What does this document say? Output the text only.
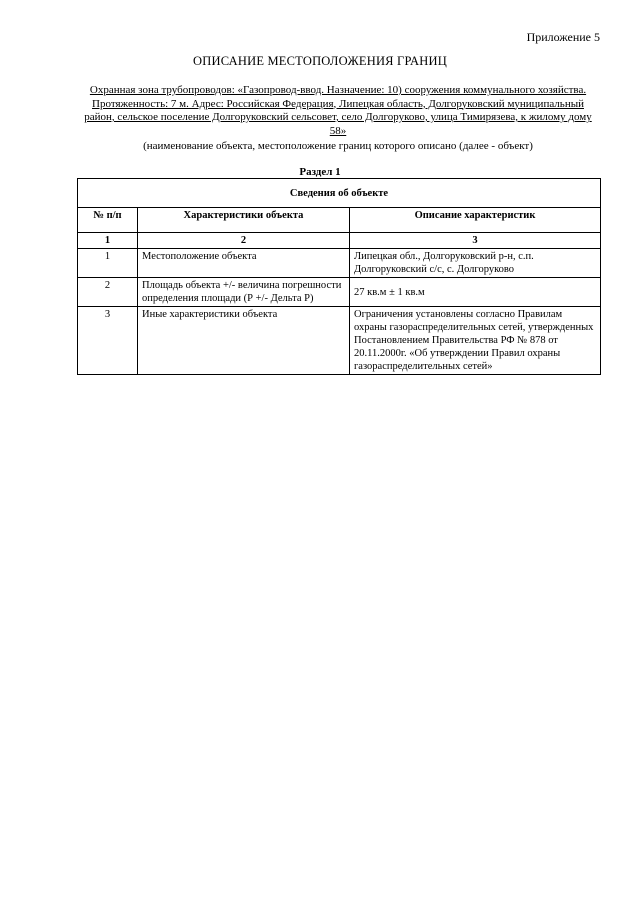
Приложение 5
ОПИСАНИЕ МЕСТОПОЛОЖЕНИЯ ГРАНИЦ
Охранная зона трубопроводов: «Газопровод-ввод. Назначение: 10) сооружения коммунального хозяйства. Протяженность: 7 м. Адрес: Российская Федерация, Липецкая область, Долгоруковский муниципальный район, сельское поселение Долгоруковский сельсовет, село Долгоруково, улица Тимирязева, к жилому дому 58»
(наименование объекта, местоположение границ которого описано (далее - объект)
Раздел 1
Сведения об объекте		
№ п/п	Характеристики объекта	Описание характеристик
1	2	3
1	Местоположение объекта	Липецкая обл., Долгоруковский р-н, с.п. Долгоруковский с/с, с. Долгоруково
2	Площадь объекта +/- величина погрешности определения площади (Р +/- Дельта Р)	27 кв.м ± 1 кв.м
3	Иные характеристики объекта	Ограничения установлены согласно Правилам охраны газораспределительных сетей, утвержденных Постановлением Правительства РФ № 878 от 20.11.2000г. «Об утверждении Правил охраны газораспределительных сетей»
